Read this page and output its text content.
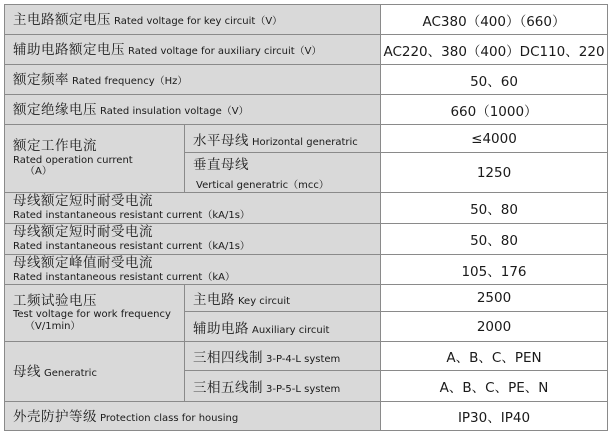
主电路额定电压 Rated voltage for key circuit（V）		AC380（400）（660）
辅助电路额定电压 Rated voltage for auxiliary circuit（V）		AC220、380（400）DC110、220
额定频率 Rated frequency（Hz）		50、60
额定绝缘电压 Rated insulation voltage（V）		660（1000）

额定工作电流
Rated operation current
（A）	水平母线 Horizontal generatric	≤4000
	垂直母线Vertical generatric（mcc）	1250

母线额定短时耐受电流
Rated instantaneous resistant current（kA/1s）		50、80

母线额定短时耐受电流
Rated instantaneous resistant current（kA/1s）		50、80

母线额定峰值耐受电流
Rated instantaneous resistant current（kA）		105、176

工频试验电压
Test voltage for work frequency
（V/1min）	主电路 Key circuit	2500
	辅助电路 Auxiliary circuit	2000
母线 Generatric	三相四线制 3-P-4-L system	A、B、C、PEN
	三相五线制 3-P-5-L system	A、B、C、PE、N
外壳防护等级 Protection class for housing		IP30、IP40
